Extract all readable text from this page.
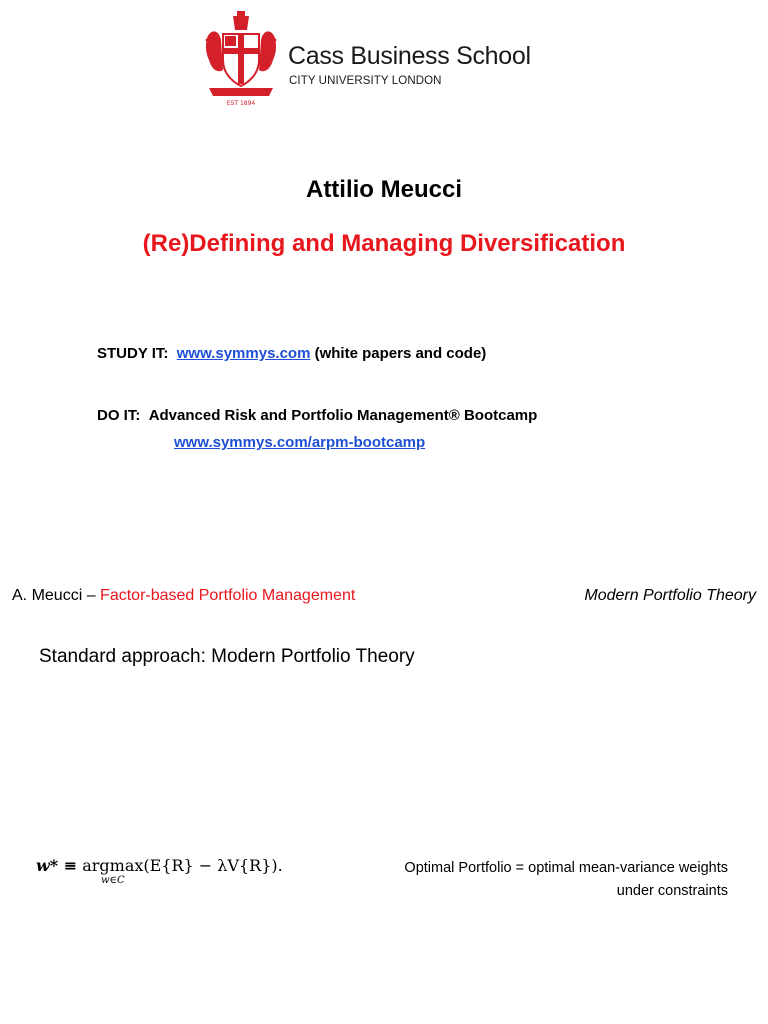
EST 1894
Cass Business School
CITY UNIVERSITY LONDON
Attilio Meucci
(Re)Defining and Managing Diversification
STUDY IT: www.symmys.com (white papers and code)
DO IT: Advanced Risk and Portfolio Management® Bootcamp
www.symmys.com/arpm-bootcamp
A. Meucci – Factor-based Portfolio Management	Modern Portfolio Theory
Standard approach: Modern Portfolio Theory
w* ≡ argmax
w∈C
(E{R} − λV{R}).	Optimal Portfolio = optimal mean-variance weights
under constraints
